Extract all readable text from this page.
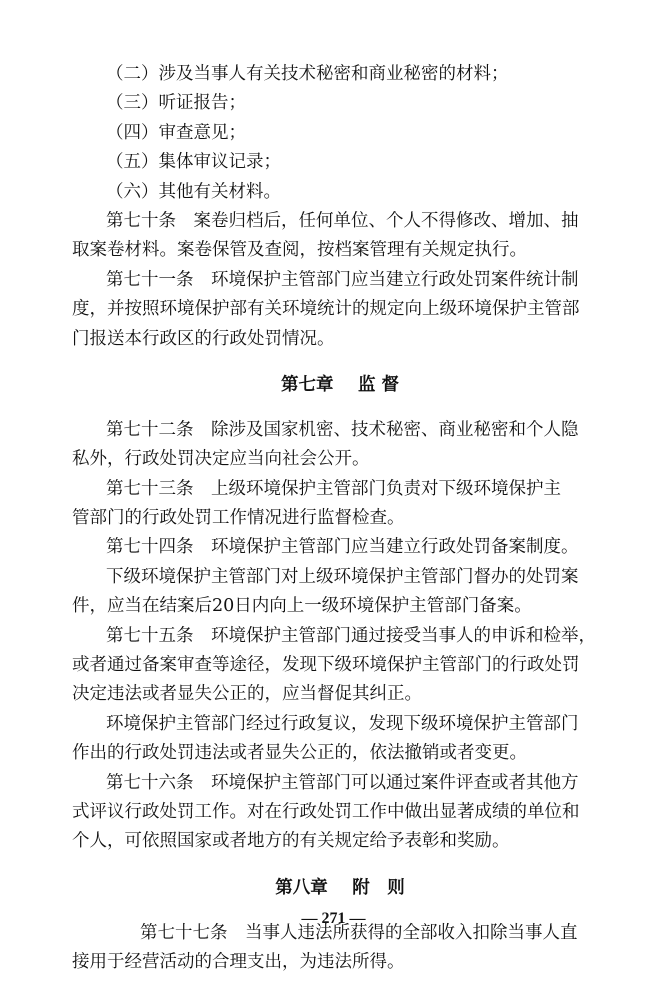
（二）涉及当事人有关技术秘密和商业秘密的材料；
（三）听证报告；
（四）审查意见；
（五）集体审议记录；
（六）其他有关材料。
第七十条　案卷归档后，任何单位、个人不得修改、增加、抽
取案卷材料。案卷保管及查阅，按档案管理有关规定执行。
第七十一条　环境保护主管部门应当建立行政处罚案件统计制
度，并按照环境保护部有关环境统计的规定向上级环境保护主管部
门报送本行政区的行政处罚情况。
第七章 监 督
第七十二条　除涉及国家机密、技术秘密、商业秘密和个人隐
私外，行政处罚决定应当向社会公开。
第七十三条　上级环境保护主管部门负责对下级环境保护主
管部门的行政处罚工作情况进行监督检查。
第七十四条　环境保护主管部门应当建立行政处罚备案制度。
下级环境保护主管部门对上级环境保护主管部门督办的处罚案
件，应当在结案后20日内向上一级环境保护主管部门备案。
第七十五条　环境保护主管部门通过接受当事人的申诉和检举，
或者通过备案审查等途径，发现下级环境保护主管部门的行政处罚
决定违法或者显失公正的，应当督促其纠正。
环境保护主管部门经过行政复议，发现下级环境保护主管部门
作出的行政处罚违法或者显失公正的，依法撤销或者变更。
第七十六条　环境保护主管部门可以通过案件评查或者其他方
式评议行政处罚工作。对在行政处罚工作中做出显著成绩的单位和
个人，可依照国家或者地方的有关规定给予表彰和奖励。
第八章 附　则
第七十七条　当事人违法所获得的全部收入扣除当事人直
接用于经营活动的合理支出，为违法所得。
— 271 —
